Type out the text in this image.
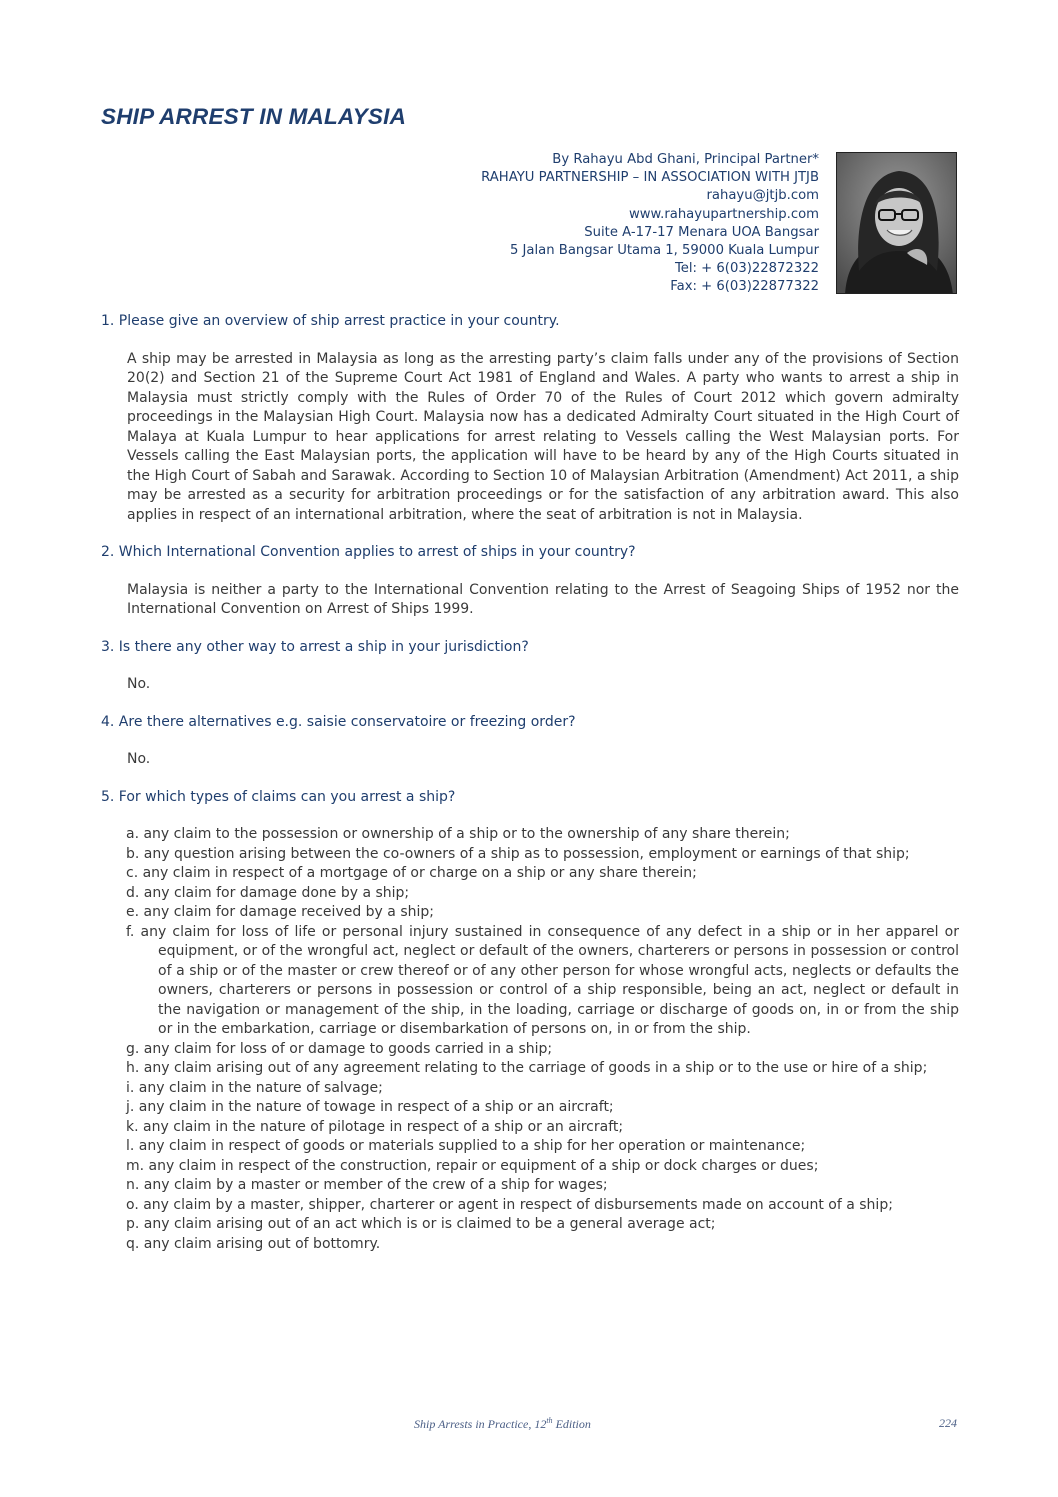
SHIP ARREST IN MALAYSIA
By Rahayu Abd Ghani, Principal Partner*
RAHAYU PARTNERSHIP – IN ASSOCIATION WITH JTJB
rahayu@jtjb.com
www.rahayupartnership.com
Suite A-17-17 Menara UOA Bangsar
5 Jalan Bangsar Utama 1, 59000 Kuala Lumpur
Tel: + 6(03)22872322
Fax: + 6(03)22877322
1. Please give an overview of ship arrest practice in your country.

A ship may be arrested in Malaysia as long as the arresting party’s claim falls under any of the provisions of Section 20(2) and Section 21 of the Supreme Court Act 1981 of England and Wales. A party who wants to arrest a ship in Malaysia must strictly comply with the Rules of Order 70 of the Rules of Court 2012 which govern admiralty proceedings in the Malaysian High Court. Malaysia now has a dedicated Admiralty Court situated in the High Court of Malaya at Kuala Lumpur to hear applications for arrest relating to Vessels calling the West Malaysian ports. For Vessels calling the East Malaysian ports, the application will have to be heard by any of the High Courts situated in the High Court of Sabah and Sarawak. According to Section 10 of Malaysian Arbitration (Amendment) Act 2011, a ship may be arrested as a security for arbitration proceedings or for the satisfaction of any arbitration award. This also applies in respect of an international arbitration, where the seat of arbitration is not in Malaysia.

2. Which International Convention applies to arrest of ships in your country?

Malaysia is neither a party to the International Convention relating to the Arrest of Seagoing Ships of 1952 nor the International Convention on Arrest of Ships 1999.

3. Is there any other way to arrest a ship in your jurisdiction?

No.

4. Are there alternatives e.g. saisie conservatoire or freezing order?

No.

5. For which types of claims can you arrest a ship?
a. any claim to the possession or ownership of a ship or to the ownership of any share therein;
b. any question arising between the co-owners of a ship as to possession, employment or earnings of that ship;
c. any claim in respect of a mortgage of or charge on a ship or any share therein;
d. any claim for damage done by a ship;
e. any claim for damage received by a ship;
f. any claim for loss of life or personal injury sustained in consequence of any defect in a ship or in her apparel or equipment, or of the wrongful act, neglect or default of the owners, charterers or persons in possession or control of a ship or of the master or crew thereof or of any other person for whose wrongful acts, neglects or defaults the owners, charterers or persons in possession or control of a ship responsible, being an act, neglect or default in the navigation or management of the ship, in the loading, carriage or discharge of goods on, in or from the ship or in the embarkation, carriage or disembarkation of persons on, in or from the ship.
g. any claim for loss of or damage to goods carried in a ship;
h. any claim arising out of any agreement relating to the carriage of goods in a ship or to the use or hire of a ship;
i. any claim in the nature of salvage;
j. any claim in the nature of towage in respect of a ship or an aircraft;
k. any claim in the nature of pilotage in respect of a ship or an aircraft;
l. any claim in respect of goods or materials supplied to a ship for her operation or maintenance;
m. any claim in respect of the construction, repair or equipment of a ship or dock charges or dues;
n. any claim by a master or member of the crew of a ship for wages;
o. any claim by a master, shipper, charterer or agent in respect of disbursements made on account of a ship;
p. any claim arising out of an act which is or is claimed to be a general average act;
q. any claim arising out of bottomry.
Ship Arrests in Practice, 12th Edition	224
